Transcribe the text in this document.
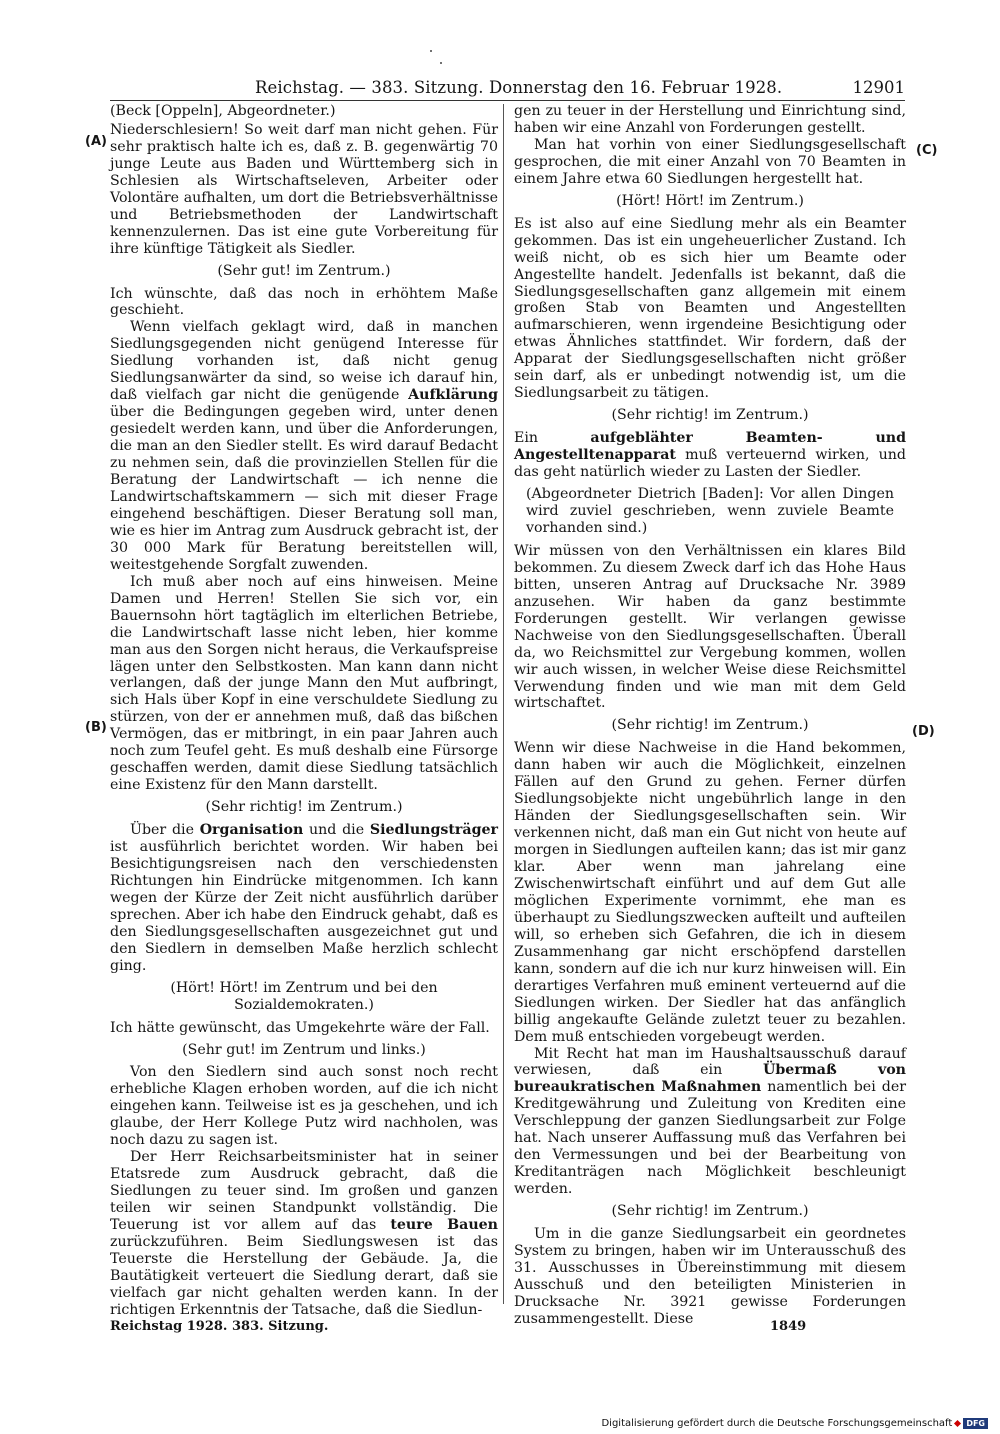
Reichstag. — 383. Sitzung. Donnerstag den 16. Februar 1928.	12901
(A)
(B)
(C)
(D)

(Beck [Oppeln], Abgeordneter.)

Niederschlesiern! So weit darf man nicht gehen. Für sehr praktisch halte ich es, daß z. B. gegenwärtig 70 junge Leute aus Baden und Württemberg sich in Schlesien als Wirtschaftseleven, Arbeiter oder Volontäre aufhalten, um dort die Betriebsverhältnisse und Betriebsmethoden der Landwirtschaft kennenzulernen. Das ist eine gute Vorbereitung für ihre künftige Tätigkeit als Siedler.

(Sehr gut! im Zentrum.)

Ich wünschte, daß das noch in erhöhtem Maße geschieht.

Wenn vielfach geklagt wird, daß in manchen Siedlungsgegenden nicht genügend Interesse für Siedlung vorhanden ist, daß nicht genug Siedlungsanwärter da sind, so weise ich darauf hin, daß vielfach gar nicht die genügende Aufklärung über die Bedingungen gegeben wird, unter denen gesiedelt werden kann, und über die Anforderungen, die man an den Siedler stellt. Es wird darauf Bedacht zu nehmen sein, daß die provinziellen Stellen für die Beratung der Landwirtschaft — ich nenne die Landwirtschaftskammern — sich mit dieser Frage eingehend beschäftigen. Dieser Beratung soll man, wie es hier im Antrag zum Ausdruck gebracht ist, der 30 000 Mark für Beratung bereitstellen will, weitestgehende Sorgfalt zuwenden.

Ich muß aber noch auf eins hinweisen. Meine Damen und Herren! Stellen Sie sich vor, ein Bauernsohn hört tagtäglich im elterlichen Betriebe, die Landwirtschaft lasse nicht leben, hier komme man aus den Sorgen nicht heraus, die Verkaufspreise lägen unter den Selbstkosten. Man kann dann nicht verlangen, daß der junge Mann den Mut aufbringt, sich Hals über Kopf in eine verschuldete Siedlung zu stürzen, von der er annehmen muß, daß das bißchen Vermögen, das er mitbringt, in ein paar Jahren auch noch zum Teufel geht. Es muß deshalb eine Fürsorge geschaffen werden, damit diese Siedlung tatsächlich eine Existenz für den Mann darstellt.

(Sehr richtig! im Zentrum.)

Über die Organisation und die Siedlungsträger ist ausführlich berichtet worden. Wir haben bei Besichtigungsreisen nach den verschiedensten Richtungen hin Eindrücke mitgenommen. Ich kann wegen der Kürze der Zeit nicht ausführlich darüber sprechen. Aber ich habe den Eindruck gehabt, daß es den Siedlungsgesellschaften ausgezeichnet gut und den Siedlern in demselben Maße herzlich schlecht ging.

(Hört! Hört! im Zentrum und bei den Sozialdemokraten.)

Ich hätte gewünscht, das Umgekehrte wäre der Fall.

(Sehr gut! im Zentrum und links.)

Von den Siedlern sind auch sonst noch recht erhebliche Klagen erhoben worden, auf die ich nicht eingehen kann. Teilweise ist es ja geschehen, und ich glaube, der Herr Kollege Putz wird nachholen, was noch dazu zu sagen ist.

Der Herr Reichsarbeitsminister hat in seiner Etatsrede zum Ausdruck gebracht, daß die Siedlungen zu teuer sind. Im großen und ganzen teilen wir seinen Standpunkt vollständig. Die Teuerung ist vor allem auf das teure Bauen zurückzuführen. Beim Siedlungswesen ist das Teuerste die Herstellung der Gebäude. Ja, die Bautätigkeit verteuert die Siedlung derart, daß sie vielfach gar nicht gehalten werden kann. In der richtigen Erkenntnis der Tatsache, daß die Siedlun-

gen zu teuer in der Herstellung und Einrichtung sind, haben wir eine Anzahl von Forderungen gestellt.

Man hat vorhin von einer Siedlungsgesellschaft gesprochen, die mit einer Anzahl von 70 Beamten in einem Jahre etwa 60 Siedlungen hergestellt hat.

(Hört! Hört! im Zentrum.)

Es ist also auf eine Siedlung mehr als ein Beamter gekommen. Das ist ein ungeheuerlicher Zustand. Ich weiß nicht, ob es sich hier um Beamte oder Angestellte handelt. Jedenfalls ist bekannt, daß die Siedlungsgesellschaften ganz allgemein mit einem großen Stab von Beamten und Angestellten aufmarschieren, wenn irgendeine Besichtigung oder etwas Ähnliches stattfindet. Wir fordern, daß der Apparat der Siedlungsgesellschaften nicht größer sein darf, als er unbedingt notwendig ist, um die Siedlungsarbeit zu tätigen.

(Sehr richtig! im Zentrum.)

Ein	aufgeblähter Beamten- und Angestelltenapparat muß verteuernd wirken, und das geht natürlich wieder zu Lasten der Siedler.

(Abgeordneter Dietrich [Baden]: Vor allen Dingen wird zuviel geschrieben, wenn zuviele Beamte vorhanden sind.)

Wir müssen von den Verhältnissen ein klares Bild bekommen. Zu diesem Zweck darf ich das Hohe Haus bitten, unseren Antrag auf Drucksache Nr. 3989 anzusehen. Wir haben da ganz bestimmte Forderungen gestellt. Wir verlangen gewisse Nachweise von den Siedlungsgesellschaften. Überall da, wo Reichsmittel zur Vergebung kommen, wollen wir auch wissen, in welcher Weise diese Reichsmittel Verwendung finden und wie man mit dem Geld wirtschaftet.

(Sehr richtig! im Zentrum.)

Wenn wir diese Nachweise in die Hand bekommen, dann haben wir auch die Möglichkeit, einzelnen Fällen auf den Grund zu gehen. Ferner dürfen Siedlungsobjekte nicht ungebührlich lange in den Händen der Siedlungsgesellschaften sein. Wir verkennen nicht, daß man ein Gut nicht von heute auf morgen in Siedlungen aufteilen kann; das ist mir ganz klar. Aber wenn man jahrelang eine Zwischenwirtschaft einführt und auf dem Gut alle möglichen Experimente vornimmt, ehe man es überhaupt zu Siedlungszwecken aufteilt und aufteilen will, so erheben sich Gefahren, die ich in diesem Zusammenhang gar nicht erschöpfend darstellen kann, sondern auf die ich nur kurz hinweisen will. Ein derartiges Verfahren muß eminent verteuernd auf die Siedlungen wirken. Der Siedler hat das anfänglich billig angekaufte Gelände zuletzt teuer zu bezahlen. Dem muß entschieden vorgebeugt werden.

Mit Recht hat man im Haushaltsausschuß darauf verwiesen, daß ein	Übermaß von bureaukratischen Maßnahmen namentlich bei der Kreditgewährung und Zuleitung von Krediten eine Verschleppung der ganzen Siedlungsarbeit zur Folge hat. Nach unserer Auffassung muß das Verfahren bei den Vermessungen und bei der Bearbeitung von Kreditanträgen nach Möglichkeit beschleunigt werden.

(Sehr richtig! im Zentrum.)

Um in die ganze Siedlungsarbeit ein geordnetes System zu bringen, haben wir im Unterausschuß des 31. Ausschusses in Übereinstimmung mit diesem Ausschuß und den beteiligten Ministerien in Drucksache Nr. 3921 gewisse Forderungen zusammengestellt. Diese

Reichstag 1928. 383. Sitzung.	1849
Digitalisierung gefördert durch die Deutsche Forschungsgemeinschaft	DFG
